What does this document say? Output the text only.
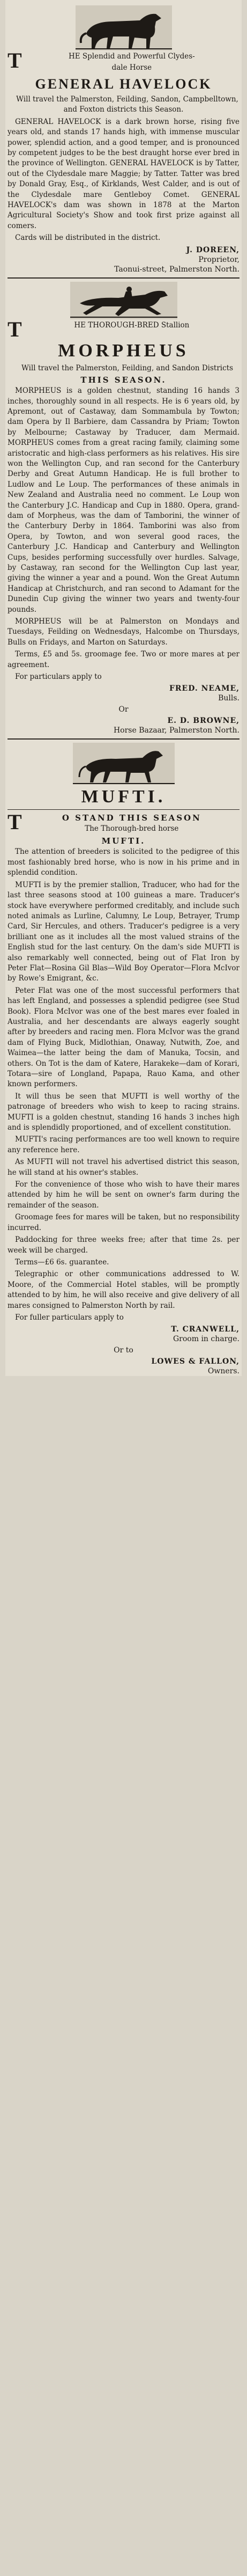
T	HE Splendid and Powerful Clydes-
dale Horse
GENERAL HAVELOCK

Will travel the Palmerston, Feilding, Sandon, Campbelltown, and Foxton districts this Season.

GENERAL HAVELOCK is a dark brown horse, rising five years old, and stands 17 hands high, with immense muscular power, splendid action, and a good temper, and is pronounced by competent judges to be the best draught horse ever bred in the province of Wellington. GENERAL HAVELOCK is by Tatter, out of the Clydesdale mare Maggie; by Tatter. Tatter was bred by Donald Gray, Esq., of Kirklands, West Calder, and is out of the Clydesdale mare Gentleboy Comet. GENERAL HAVELOCK's dam was shown in 1878 at the Marton Agricultural Society's Show and took first prize against all comers.

Cards will be distributed in the district.

J. DOREEN,
Proprietor,
Taonui-street, Palmerston North.
T	HE THOROUGH-BRED Stallion
MORPHEUS

Will travel the Palmerston, Feilding, and Sandon Districts

THIS SEASON.

MORPHEUS is a golden chestnut, standing 16 hands 3 inches, thoroughly sound in all respects. He is 6 years old, by Apremont, out of Castaway, dam Sommambula by Towton; dam Opera by Il Barbiere, dam Cassandra by Priam; Towton by Melbourne; Castaway by Traducer, dam Mermaid. MORPHEUS comes from a great racing family, claiming some aristocratic and high-class performers as his relatives. His sire won the Wellington Cup, and ran second for the Canterbury Derby and Great Autumn Handicap. He is full brother to Ludlow and Le Loup. The performances of these animals in New Zealand and Australia need no comment. Le Loup won the Canterbury J.C. Handicap and Cup in 1880. Opera, grand-dam of Morpheus, was the dam of Tamborini, the winner of the Canterbury Derby in 1864. Tamborini was also from Opera, by Towton, and won several good races, the Canterbury J.C. Handicap and Canterbury and Wellington Cups, besides performing successfully over hurdles. Salvage, by Castaway, ran second for the Wellington Cup last year, giving the winner a year and a pound. Won the Great Autumn Handicap at Christchurch, and ran second to Adamant for the Dunedin Cup giving the winner two years and twenty-four pounds.

MORPHEUS will be at Palmerston on Mondays and Tuesdays, Feilding on Wednesdays, Halcombe on Thursdays, Bulls on Fridays, and Marton on Saturdays.

Terms, £5 and 5s. groomage fee. Two or more mares at per agreement.

For particulars apply to

FRED. NEAME,
Bulls.
Or
E. D. BROWNE,
Horse Bazaar, Palmerston North.
MUFTI.
T	O STAND THIS SEASON
The Thorough-bred horse
MUFTI.

The attention of breeders is solicited to the pedigree of this most fashionably bred horse, who is now in his prime and in splendid condition.

MUFTI is by the premier stallion, Traducer, who had for the last three seasons stood at 100 guineas a mare. Traducer's stock have everywhere performed creditably, and include such noted animals as Lurline, Calumny, Le Loup, Betrayer, Trump Card, Sir Hercules, and others. Traducer's pedigree is a very brilliant one as it includes all the most valued strains of the English stud for the last century. On the dam's side MUFTI is also remarkably well connected, being out of Flat Iron by Peter Flat—Rosina Gil Blas—Wild Boy Operator—Flora McIvor by Rowe's Emigrant, &c.

Peter Flat was one of the most successful performers that has left England, and possesses a splendid pedigree (see Stud Book). Flora McIvor was one of the best mares ever foaled in Australia, and her descendants are always eagerly sought after by breeders and racing men. Flora McIvor was the grand dam of Flying Buck, Midlothian, Onaway, Nutwith, Zoe, and Waimea—the latter being the dam of Manuka, Tocsin, and others. On Tot is the dam of Katere, Harakeke—dam of Korari, Totara—sire of Longland, Papapa, Rauo Kama, and other known performers.

It will thus be seen that MUFTI is well worthy of the patronage of breeders who wish to keep to racing strains. MUFTI is a golden chestnut, standing 16 hands 3 inches high and is splendidly proportioned, and of excellent constitution.

MUFTI's racing performances are too well known to require any reference here.

As MUFTI will not travel his advertised district this season, he will stand at his owner's stables.

For the convenience of those who wish to have their mares attended by him he will be sent on owner's farm during the remainder of the season.

Groomage fees for mares will be taken, but no responsibility incurred.

Paddocking for three weeks free; after that time 2s. per week will be charged.

Terms—£6 6s. guarantee.

Telegraphic or other communications addressed to W. Moore, of the Commercial Hotel stables, will be promptly attended to by him, he will also receive and give delivery of all mares consigned to Palmerston North by rail.

For fuller particulars apply to

T. CRANWELL,
Groom in charge.
Or to
LOWES & FALLON,
Owners.
